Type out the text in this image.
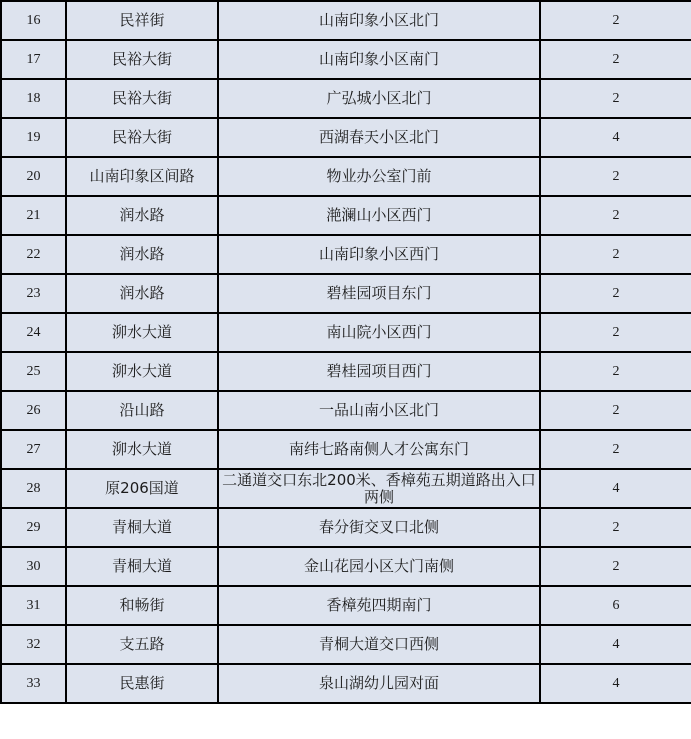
16	民祥街	山南印象小区北门	2
17	民裕大街	山南印象小区南门	2
18	民裕大街	广弘城小区北门	2
19	民裕大街	西湖春天小区北门	4
20	山南印象区间路	物业办公室门前	2
21	润水路	滟澜山小区西门	2
22	润水路	山南印象小区西门	2
23	润水路	碧桂园项目东门	2
24	泖水大道	南山院小区西门	2
25	泖水大道	碧桂园项目西门	2
26	沿山路	一品山南小区北门	2
27	泖水大道	南纬七路南侧人才公寓东门	2
28	原206国道	二通道交口东北200米、香樟苑五期道路出入口两侧	4
29	青桐大道	春分街交叉口北侧	2
30	青桐大道	金山花园小区大门南侧	2
31	和畅街	香樟苑四期南门	6
32	支五路	青桐大道交口西侧	4
33	民惠街	泉山湖幼儿园对面	4
